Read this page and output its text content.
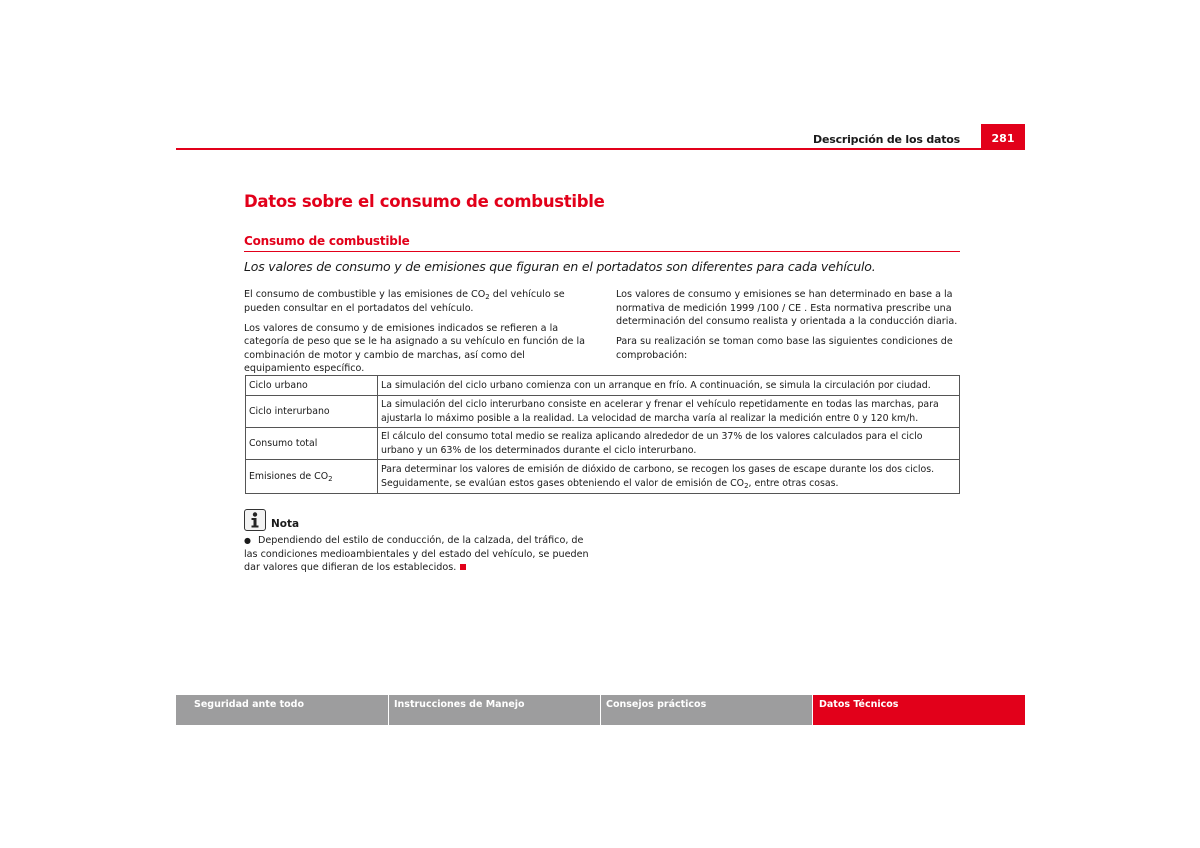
Descripción de los datos	281
Datos sobre el consumo de combustible
Consumo de combustible
Los valores de consumo y de emisiones que figuran en el portadatos son diferentes para cada vehículo.

El consumo de combustible y las emisiones de $CO_2$ del vehículo se pueden consultar en el portadatos del vehículo.

Los valores de consumo y de emisiones indicados se refieren a la categoría de peso que se le ha asignado a su vehículo en función de la combinación de motor y cambio de marchas, así como del equipamiento específico.

Los valores de consumo y emisiones se han determinado en base a la normativa de medición 1999 /100 / CE . Esta normativa prescribe una determinación del consumo realista y orientada a la conducción diaria.

Para su realización se toman como base las siguientes condiciones de comprobación:

Ciclo urbano	La simulación del ciclo urbano comienza con un arranque en frío. A continuación, se simula la circulación por ciudad.
Ciclo interurbano	La simulación del ciclo interurbano consiste en acelerar y frenar el vehículo repetidamente en todas las marchas, para ajustarla lo máximo posible a la realidad. La velocidad de marcha varía al realizar la medición entre 0 y 120 km/h.
Consumo total	El cálculo del consumo total medio se realiza aplicando alrededor de un 37% de los valores calculados para el ciclo urbano y un 63% de los determinados durante el ciclo interurbano.
Emisiones de $CO_2$	Para determinar los valores de emisión de dióxido de carbono, se recogen los gases de escape durante los dos ciclos. Seguidamente, se evalúan estos gases obteniendo el valor de emisión de $CO_2$, entre otras cosas.
Nota
● Dependiendo del estilo de conducción, de la calzada, del tráfico, de las condiciones medioambientales y del estado del vehículo, se pueden dar valores que difieran de los establecidos.
Seguridad ante todo	Instrucciones de Manejo	Consejos prácticos	Datos Técnicos
